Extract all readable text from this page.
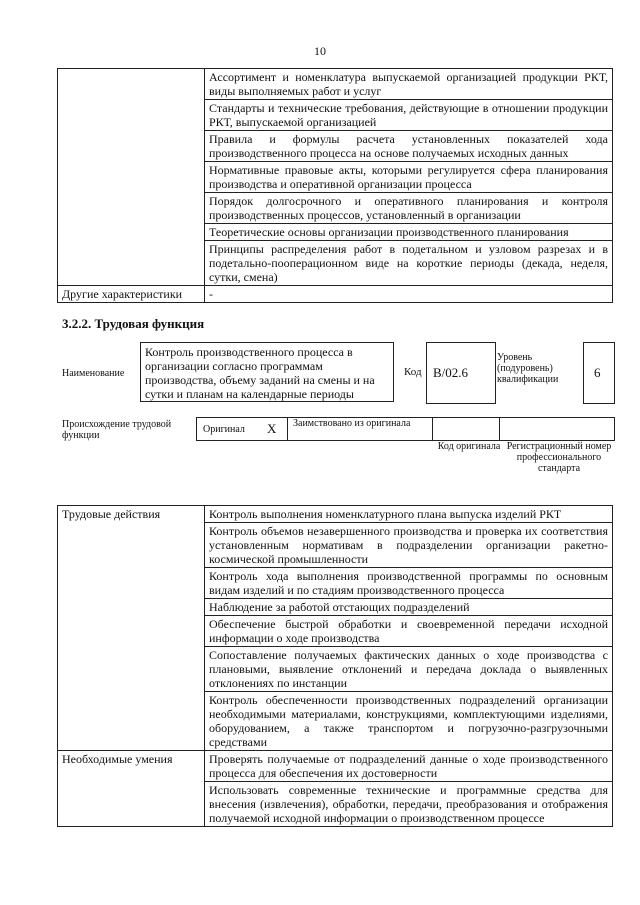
10
	Ассортимент и номенклатура выпускаемой организацией продукции РКТ, виды выполняемых работ и услуг
	Стандарты и технические требования, действующие в отношении продукции РКТ, выпускаемой организацией
	Правила и формулы расчета установленных показателей хода производственного процесса на основе получаемых исходных данных
	Нормативные правовые акты, которыми регулируется сфера планирования производства и оперативной организации процесса
	Порядок долгосрочного и оперативного планирования и контроля производственных процессов, установленный в организации
	Теоретические основы организации производственного планирования
	Принципы распределения работ в подетальном и узловом разрезах и в подетально-пооперационном виде на короткие периоды (декада, неделя, сутки, смена)
Другие характеристики	-
3.2.2. Трудовая функция
Наименование
Контроль производственного процесса в организации согласно программам производства, объему заданий на смены и на сутки и планам на календарные периоды
Код B/02.6
Уровень (подуровень) квалификации	6
Происхождение трудовой функции
Оригинал X Заимствовано из оригинала
Код оригинала Регистрационный номер профессионального стандарта
Трудовые действия	Контроль выполнения номенклатурного плана выпуска изделий РКТ
	Контроль объемов незавершенного производства и проверка их соответствия установленным нормативам в подразделении организации ракетно-космической промышленности
	Контроль хода выполнения производственной программы по основным видам изделий и по стадиям производственного процесса
	Наблюдение за работой отстающих подразделений
	Обеспечение быстрой обработки и своевременной передачи исходной информации о ходе производства
	Сопоставление получаемых фактических данных о ходе производства с плановыми, выявление отклонений и передача доклада о выявленных отклонениях по инстанции
	Контроль обеспеченности производственных подразделений организации необходимыми материалами, конструкциями, комплектующими изделиями, оборудованием, а также транспортом и погрузочно-разгрузочными средствами
Необходимые умения	Проверять получаемые от подразделений данные о ходе производственного процесса для обеспечения их достоверности
	Использовать современные технические и программные средства для внесения (извлечения), обработки, передачи, преобразования и отображения получаемой исходной информации о производственном процессе
